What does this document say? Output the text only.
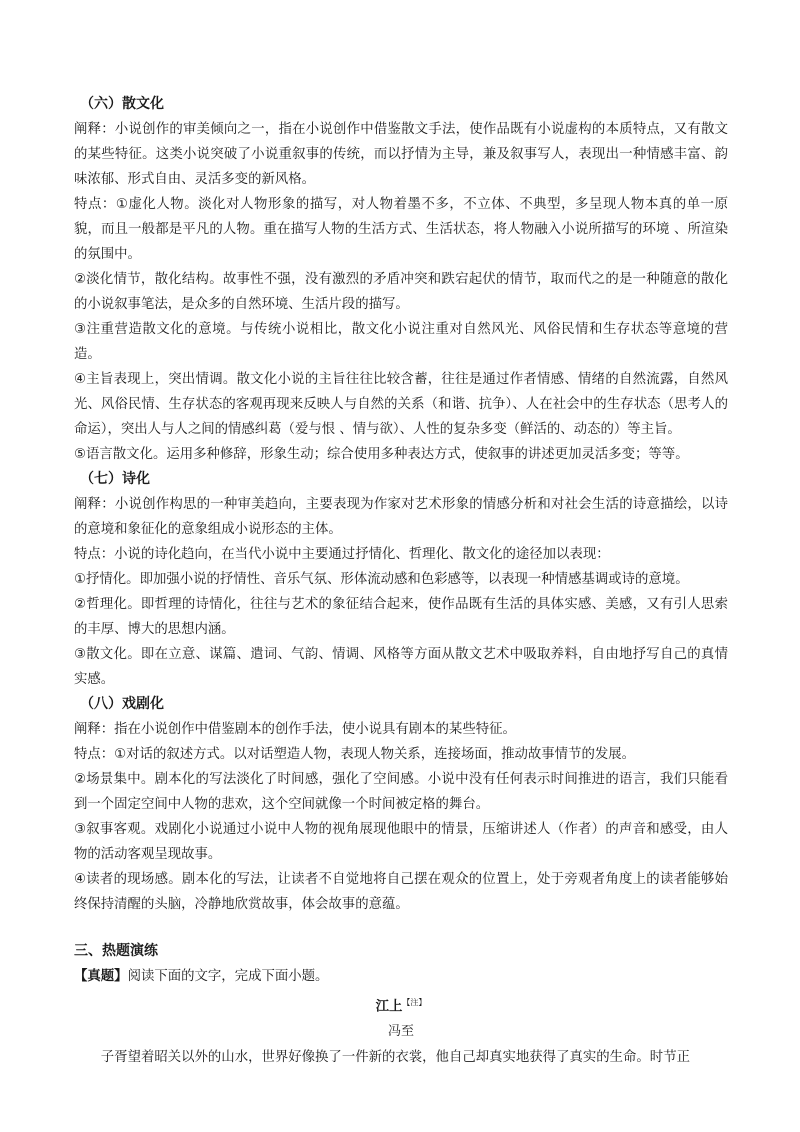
（六）散文化

阐释：小说创作的审美倾向之一，指在小说创作中借鉴散文手法，使作品既有小说虚构的本质特点，又有散文的某些特征。这类小说突破了小说重叙事的传统，而以抒情为主导，兼及叙事写人，表现出一种情感丰富、韵味浓郁、形式自由、灵活多变的新风格。

特点：①虚化人物。淡化对人物形象的描写，对人物着墨不多，不立体、不典型，多呈现人物本真的单一原貌，而且一般都是平凡的人物。重在描写人物的生活方式、生活状态，将人物融入小说所描写的环境 、所渲染的氛围中。

②淡化情节，散化结构。故事性不强，没有激烈的矛盾冲突和跌宕起伏的情节，取而代之的是一种随意的散化的小说叙事笔法，是众多的自然环境、生活片段的描写。

③注重营造散文化的意境。与传统小说相比，散文化小说注重对自然风光、风俗民情和生存状态等意境的营造。

④主旨表现上，突出情调。散文化小说的主旨往往比较含蓄，往往是通过作者情感、情绪的自然流露，自然风光、风俗民情、生存状态的客观再现来反映人与自然的关系（和谐、抗争）、人在社会中的生存状态（思考人的命运），突出人与人之间的情感纠葛（爱与恨 、情与欲）、人性的复杂多变（鲜活的、动态的）等主旨。

⑤语言散文化。运用多种修辞，形象生动；综合使用多种表达方式，使叙事的讲述更加灵活多变；等等。

（七）诗化

阐释：小说创作构思的一种审美趋向，主要表现为作家对艺术形象的情感分析和对社会生活的诗意描绘，以诗的意境和象征化的意象组成小说形态的主体。

特点：小说的诗化趋向，在当代小说中主要通过抒情化、哲理化、散文化的途径加以表现：

①抒情化。即加强小说的抒情性、音乐气氛、形体流动感和色彩感等，以表现一种情感基调或诗的意境。

②哲理化。即哲理的诗情化，往往与艺术的象征结合起来，使作品既有生活的具体实感、美感，又有引人思索的丰厚、博大的思想内涵。

③散文化。即在立意、谋篇、遣词、气韵、情调、风格等方面从散文艺术中吸取养料，自由地抒写自己的真情实感。

（八）戏剧化

阐释：指在小说创作中借鉴剧本的创作手法，使小说具有剧本的某些特征。

特点：①对话的叙述方式。以对话塑造人物，表现人物关系，连接场面，推动故事情节的发展。

②场景集中。剧本化的写法淡化了时间感，强化了空间感。小说中没有任何表示时间推进的语言，我们只能看到一个固定空间中人物的悲欢，这个空间就像一个时间被定格的舞台。

③叙事客观。戏剧化小说通过小说中人物的视角展现他眼中的情景，压缩讲述人（作者）的声音和感受，由人物的活动客观呈现故事。

④读者的现场感。剧本化的写法，让读者不自觉地将自己摆在观众的位置上，处于旁观者角度上的读者能够始终保持清醒的头脑，冷静地欣赏故事，体会故事的意蕴。

三、热题演练

【真题】阅读下面的文字，完成下面小题。

江上$^{【注】}$
冯至

子胥望着昭关以外的山水，世界好像换了一件新的衣裳，他自己却真实地获得了真实的生命。时节正
